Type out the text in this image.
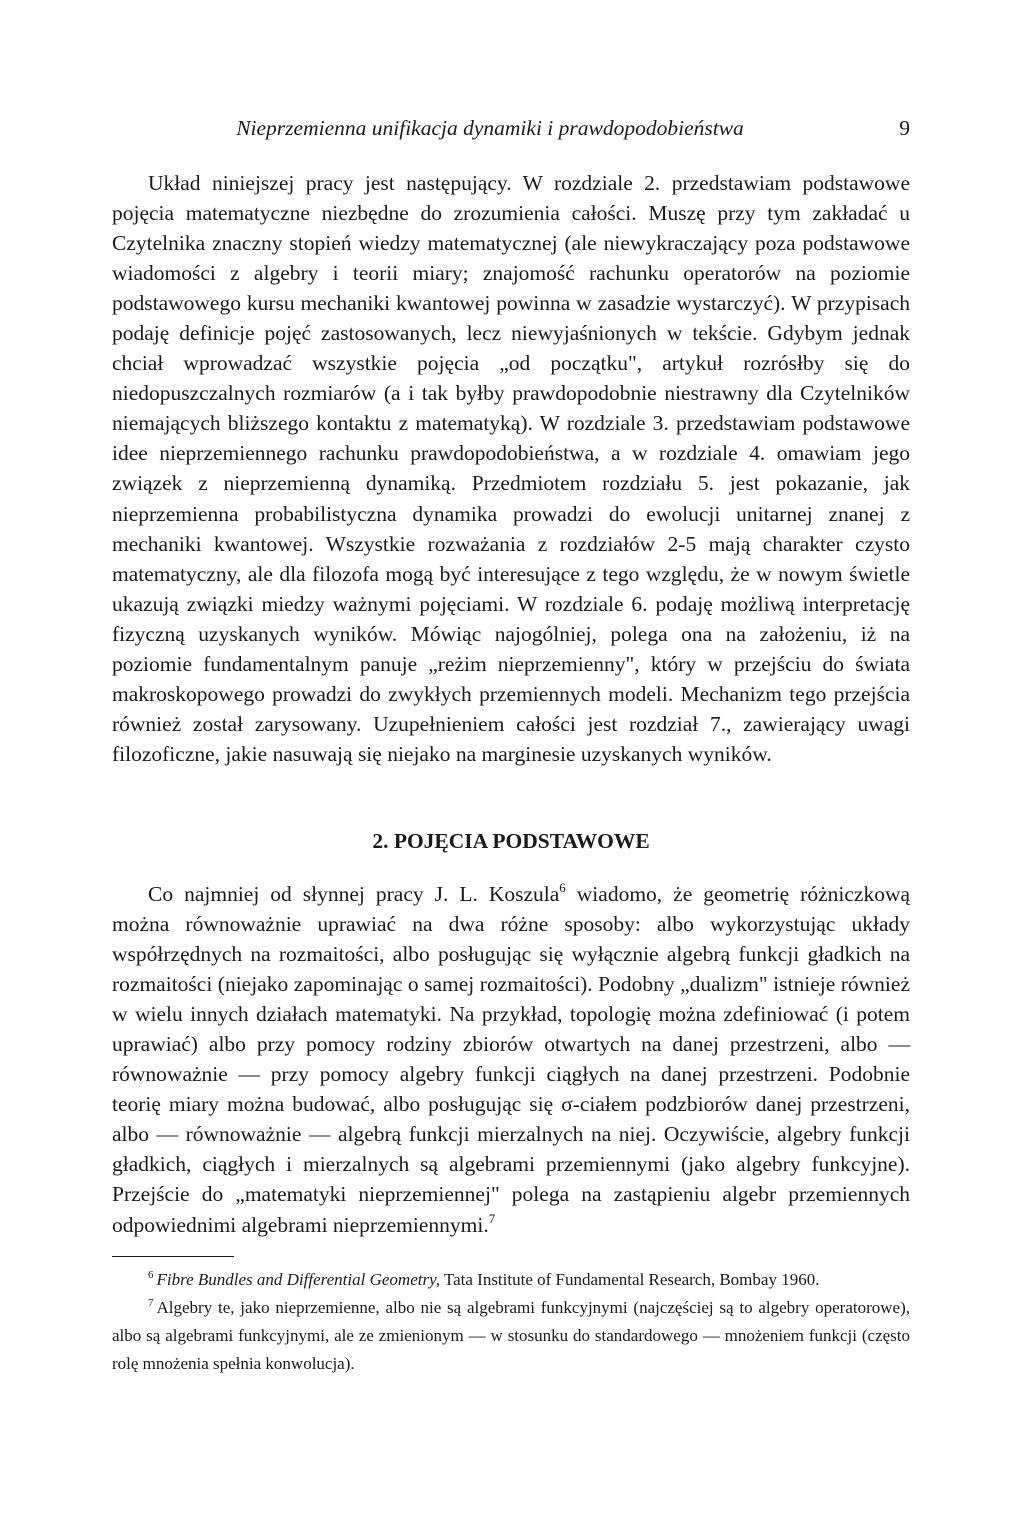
Nieprzemienna unifikacja dynamiki i prawdopodobieństwa	9

Układ niniejszej pracy jest następujący. W rozdziale 2. przedstawiam podstawowe pojęcia matematyczne niezbędne do zrozumienia całości. Muszę przy tym zakładać u Czytelnika znaczny stopień wiedzy matematycznej (ale niewykraczający poza podstawowe wiadomości z algebry i teorii miary; znajomość rachunku operatorów na poziomie podstawowego kursu mechaniki kwantowej powinna w zasadzie wystarczyć). W przypisach podaję definicje pojęć zastosowanych, lecz niewyjaśnionych w tekście. Gdybym jednak chciał wprowadzać wszystkie pojęcia „od początku", artykuł rozrósłby się do niedopuszczalnych rozmiarów (a i tak byłby prawdopodobnie niestrawny dla Czytelników niemających bliższego kontaktu z matematyką). W rozdziale 3. przedstawiam podstawowe idee nieprzemiennego rachunku prawdopodobieństwa, a w rozdziale 4. omawiam jego związek z nieprzemienną dynamiką. Przedmiotem rozdziału 5. jest pokazanie, jak nieprzemienna probabilistyczna dynamika prowadzi do ewolucji unitarnej znanej z mechaniki kwantowej. Wszystkie rozważania z rozdziałów 2-5 mają charakter czysto matematyczny, ale dla filozofa mogą być interesujące z tego względu, że w nowym świetle ukazują związki miedzy ważnymi pojęciami. W rozdziale 6. podaję możliwą interpretację fizyczną uzyskanych wyników. Mówiąc najogólniej, polega ona na założeniu, iż na poziomie fundamentalnym panuje „reżim nieprzemienny", który w przejściu do świata makroskopowego prowadzi do zwykłych przemiennych modeli. Mechanizm tego przejścia również został zarysowany. Uzupełnieniem całości jest rozdział 7., zawierający uwagi filozoficzne, jakie nasuwają się niejako na marginesie uzyskanych wyników.

2. POJĘCIA PODSTAWOWE

Co najmniej od słynnej pracy J. L. Koszula$^6$ wiadomo, że geometrię różniczkową można równoważnie uprawiać na dwa różne sposoby: albo wykorzystując układy współrzędnych na rozmaitości, albo posługując się wyłącznie algebrą funkcji gładkich na rozmaitości (niejako zapominając o samej rozmaitości). Podobny „dualizm" istnieje również w wielu innych działach matematyki. Na przykład, topologię można zdefiniować (i potem uprawiać) albo przy pomocy rodziny zbiorów otwartych na danej przestrzeni, albo — równoważnie — przy pomocy algebry funkcji ciągłych na danej przestrzeni. Podobnie teorię miary można budować, albo posługując się σ-ciałem podzbiorów danej przestrzeni, albo — równoważnie — algebrą funkcji mierzalnych na niej. Oczywiście, algebry funkcji gładkich, ciągłych i mierzalnych są algebrami przemiennymi (jako algebry funkcyjne). Przejście do „matematyki nieprzemiennej" polega na zastąpieniu algebr przemiennych odpowiednimi algebrami nieprzemiennymi.$^7$

$^6$ Fibre Bundles and Differential Geometry, Tata Institute of Fundamental Research, Bombay 1960.

$^7$ Algebry te, jako nieprzemienne, albo nie są algebrami funkcyjnymi (najczęściej są to algebry operatorowe), albo są algebrami funkcyjnymi, ale ze zmienionym — w stosunku do standardowego — mnożeniem funkcji (często rolę mnożenia spełnia konwolucja).
